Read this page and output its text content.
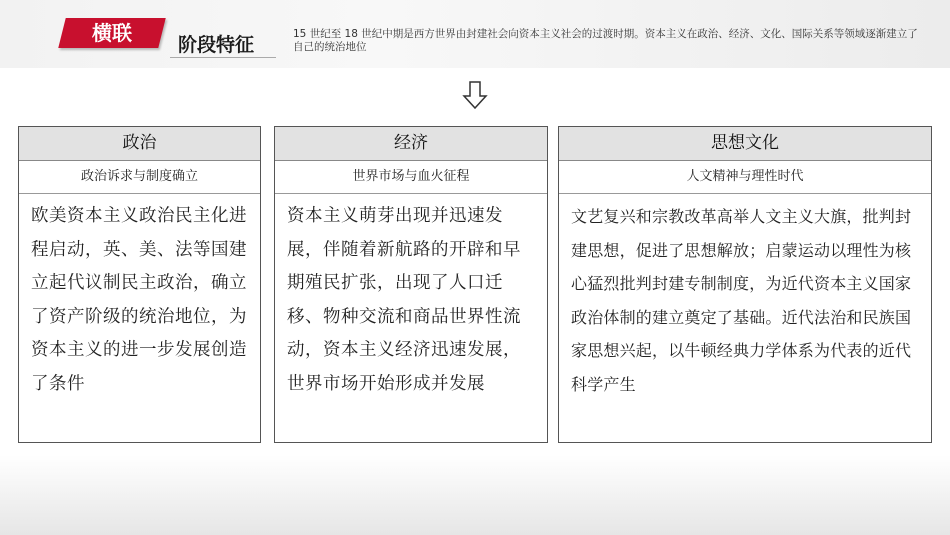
横联	阶段特征	15 世纪至 18 世纪中期是西方世界由封建社会向资本主义社会的过渡时期。资本主义在政治、经济、文化、国际关系等领域逐渐建立了自己的统治地位
政治
政治诉求与制度确立
欧美资本主义政治民主化进程启动，英、美、法等国建立起代议制民主政治，确立了资产阶级的统治地位，为资本主义的进一步发展创造了条件
经济
世界市场与血火征程
资本主义萌芽出现并迅速发展，伴随着新航路的开辟和早期殖民扩张，出现了人口迁移、物种交流和商品世界性流动，资本主义经济迅速发展，世界市场开始形成并发展
思想文化
人文精神与理性时代
文艺复兴和宗教改革高举人文主义大旗，批判封建思想，促进了思想解放；启蒙运动以理性为核心猛烈批判封建专制制度，为近代资本主义国家政治体制的建立奠定了基础。近代法治和民族国家思想兴起，以牛顿经典力学体系为代表的近代科学产生
